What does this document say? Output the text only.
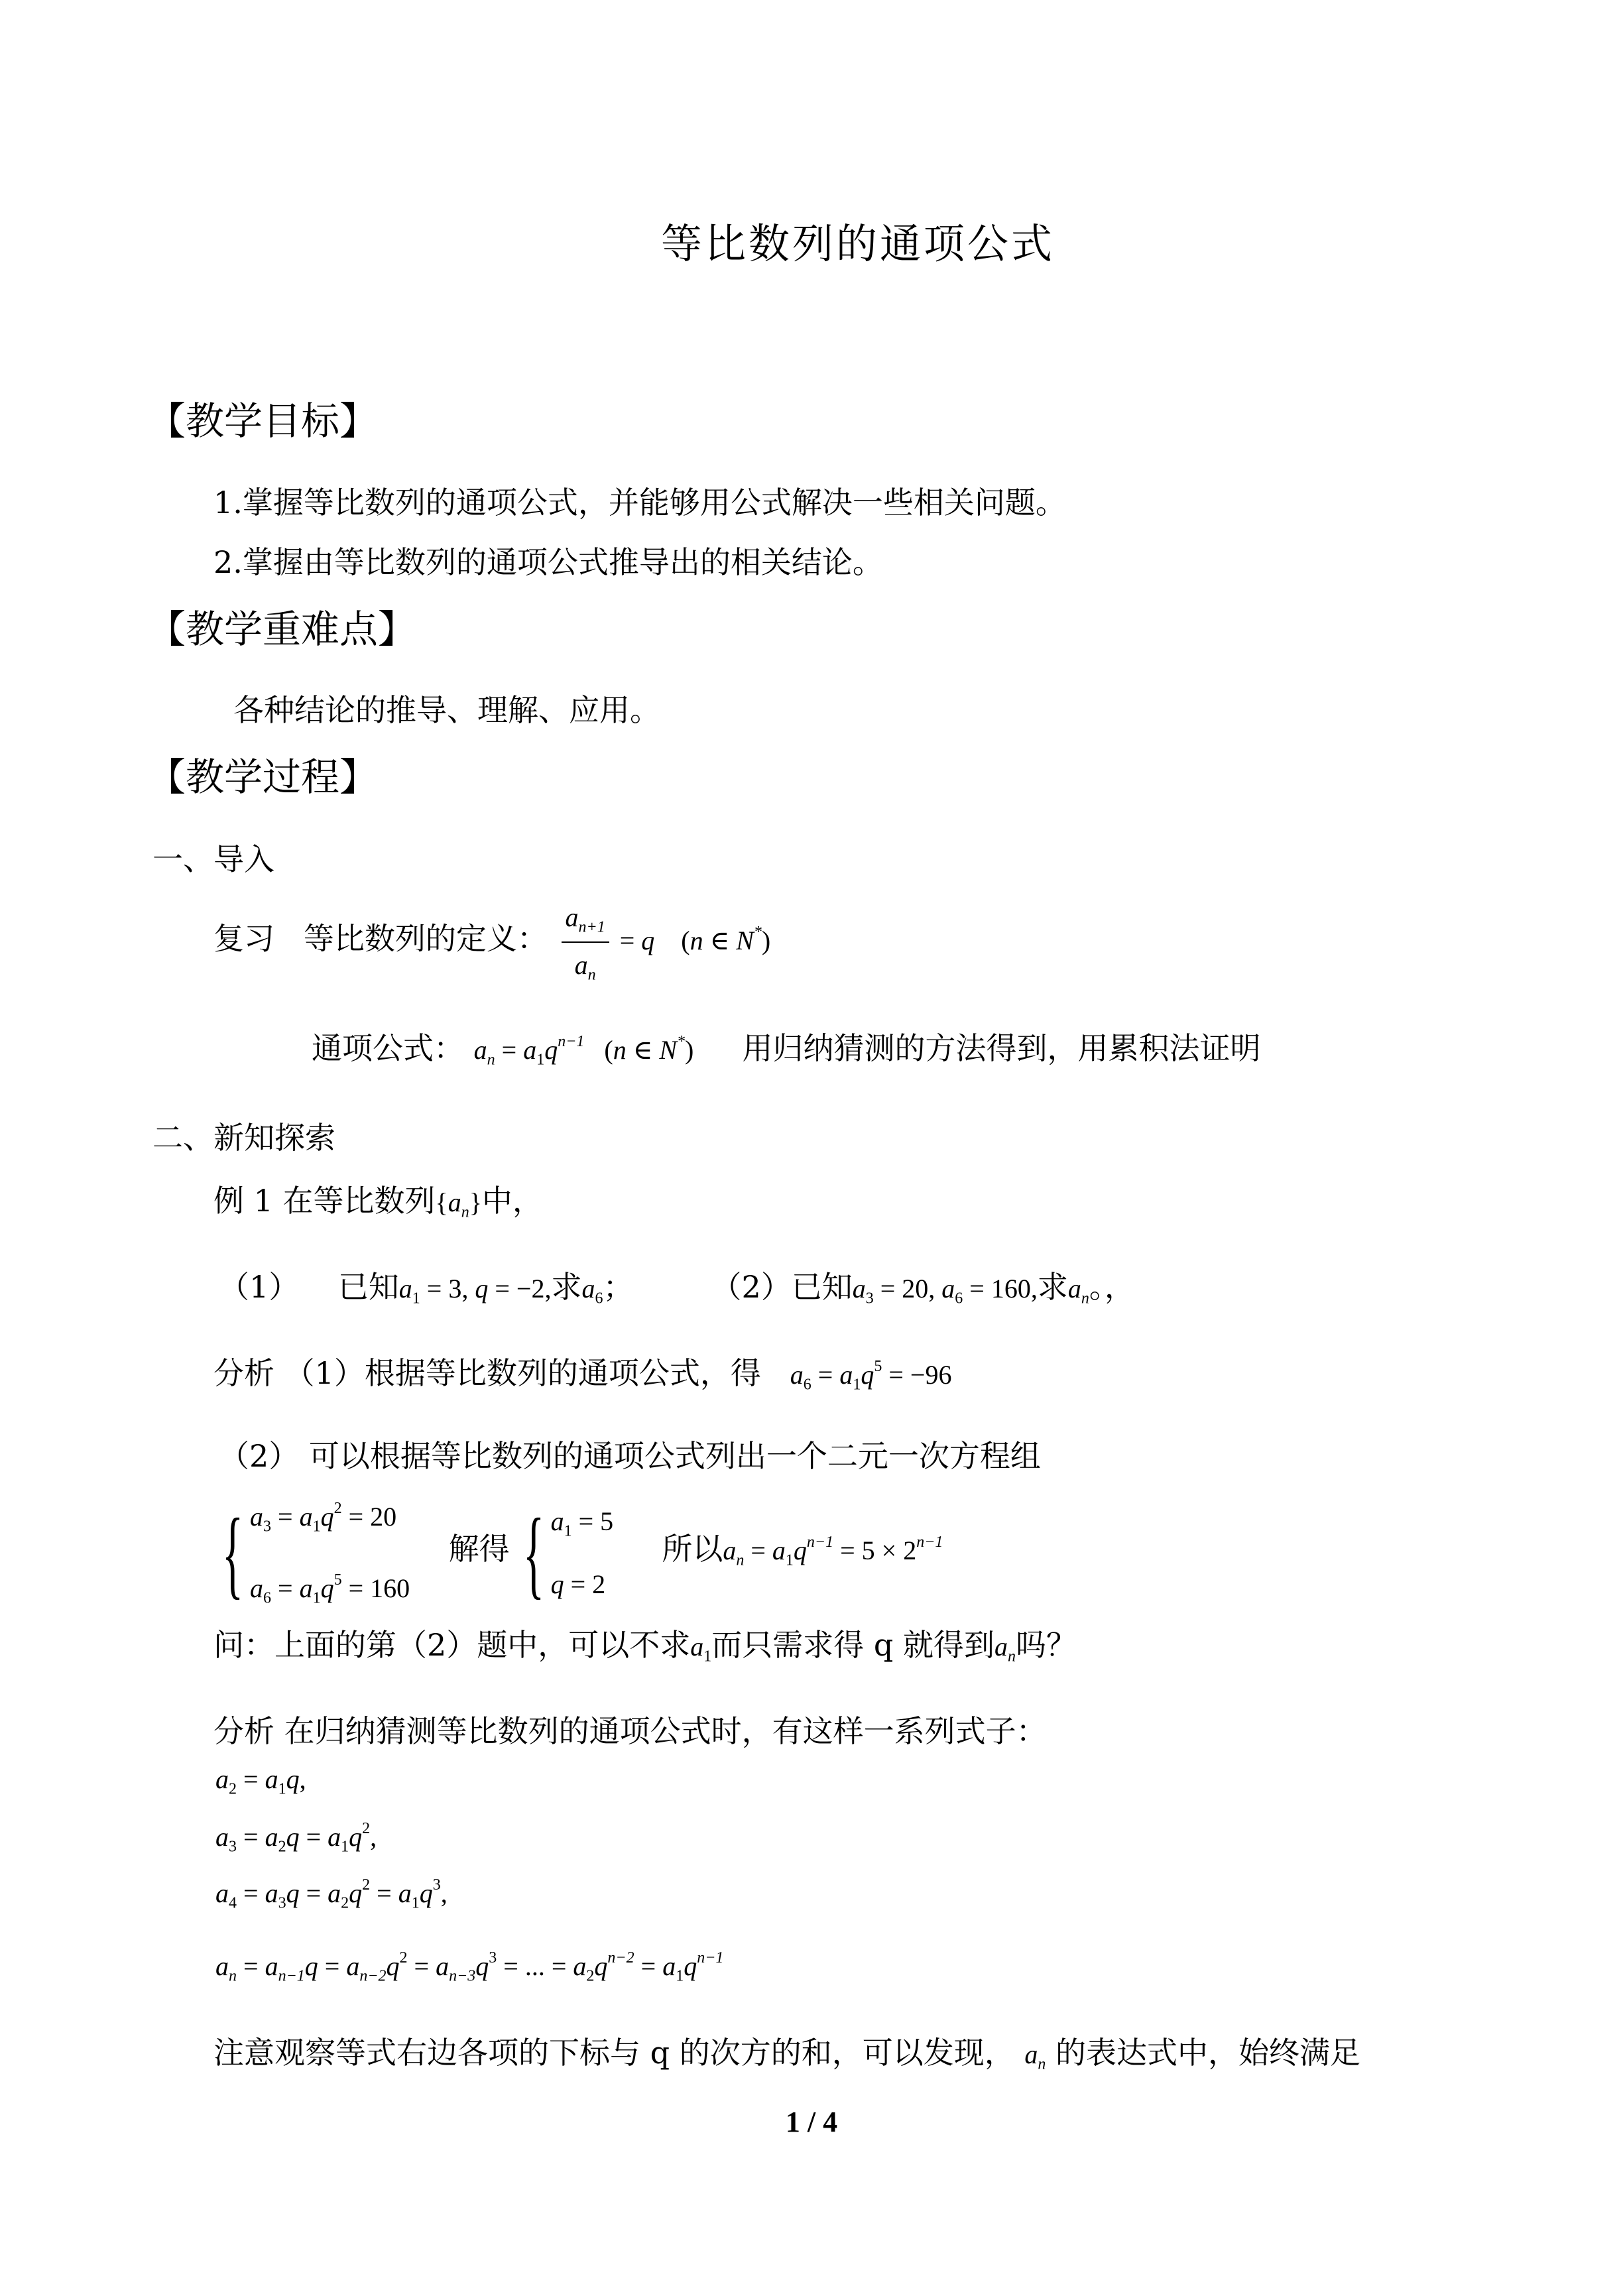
等比数列的通项公式
【教学目标】
1.掌握等比数列的通项公式，并能够用公式解决一些相关问题。
2.掌握由等比数列的通项公式推导出的相关结论。
【教学重难点】
各种结论的推导、理解、应用。
【教学过程】
一、导入
复习 等比数列的定义： $\frac{a_{n+1}}{a_n} = q$    (n ∈ N*)
通项公式： $a_n = a_1q^{n-1}$ (n ∈ N*) 用归纳猜测的方法得到，用累积法证明
二、新知探索
例 1 在等比数列$\{a_n\}$中，
（1） 已知$a_1 = 3$, q = −2,求$a_6$；        （2）已知$a_3 = 20$, $a_6 = 160$,求$a_n$。，
分析 （1）根据等比数列的通项公式，得 $a_6 = a_1q^5 = -96$
（2） 可以根据等比数列的通项公式列出一个二元一次方程组
{ $a_3 = a_1q^2 = 20$
$a_6 = a_1q^5 = 160$    解得 { $a_1 = 5$
q = 2     所以$a_n = a_1q^{n-1} = 5 \times 2^{n-1}$
问：上面的第（2）题中，可以不求$a_1$而只需求得 q 就得到$a_n$吗？
分析 在归纳猜测等比数列的通项公式时，有这样一系列式子：
$a_2 = a_1q$,
$a_3 = a_2q = a_1q^2$,
$a_4 = a_3q = a_2q^2 = a_1q^3$,
$a_n = a_{n-1}q = a_{n-2}q^2 = a_{n-3}q^3$ = ... = $a_2q^{n-2} = a_1q^{n-1}$
注意观察等式右边各项的下标与 q 的次方的和，可以发现， $a_n$ 的表达式中，始终满足
1 / 4
